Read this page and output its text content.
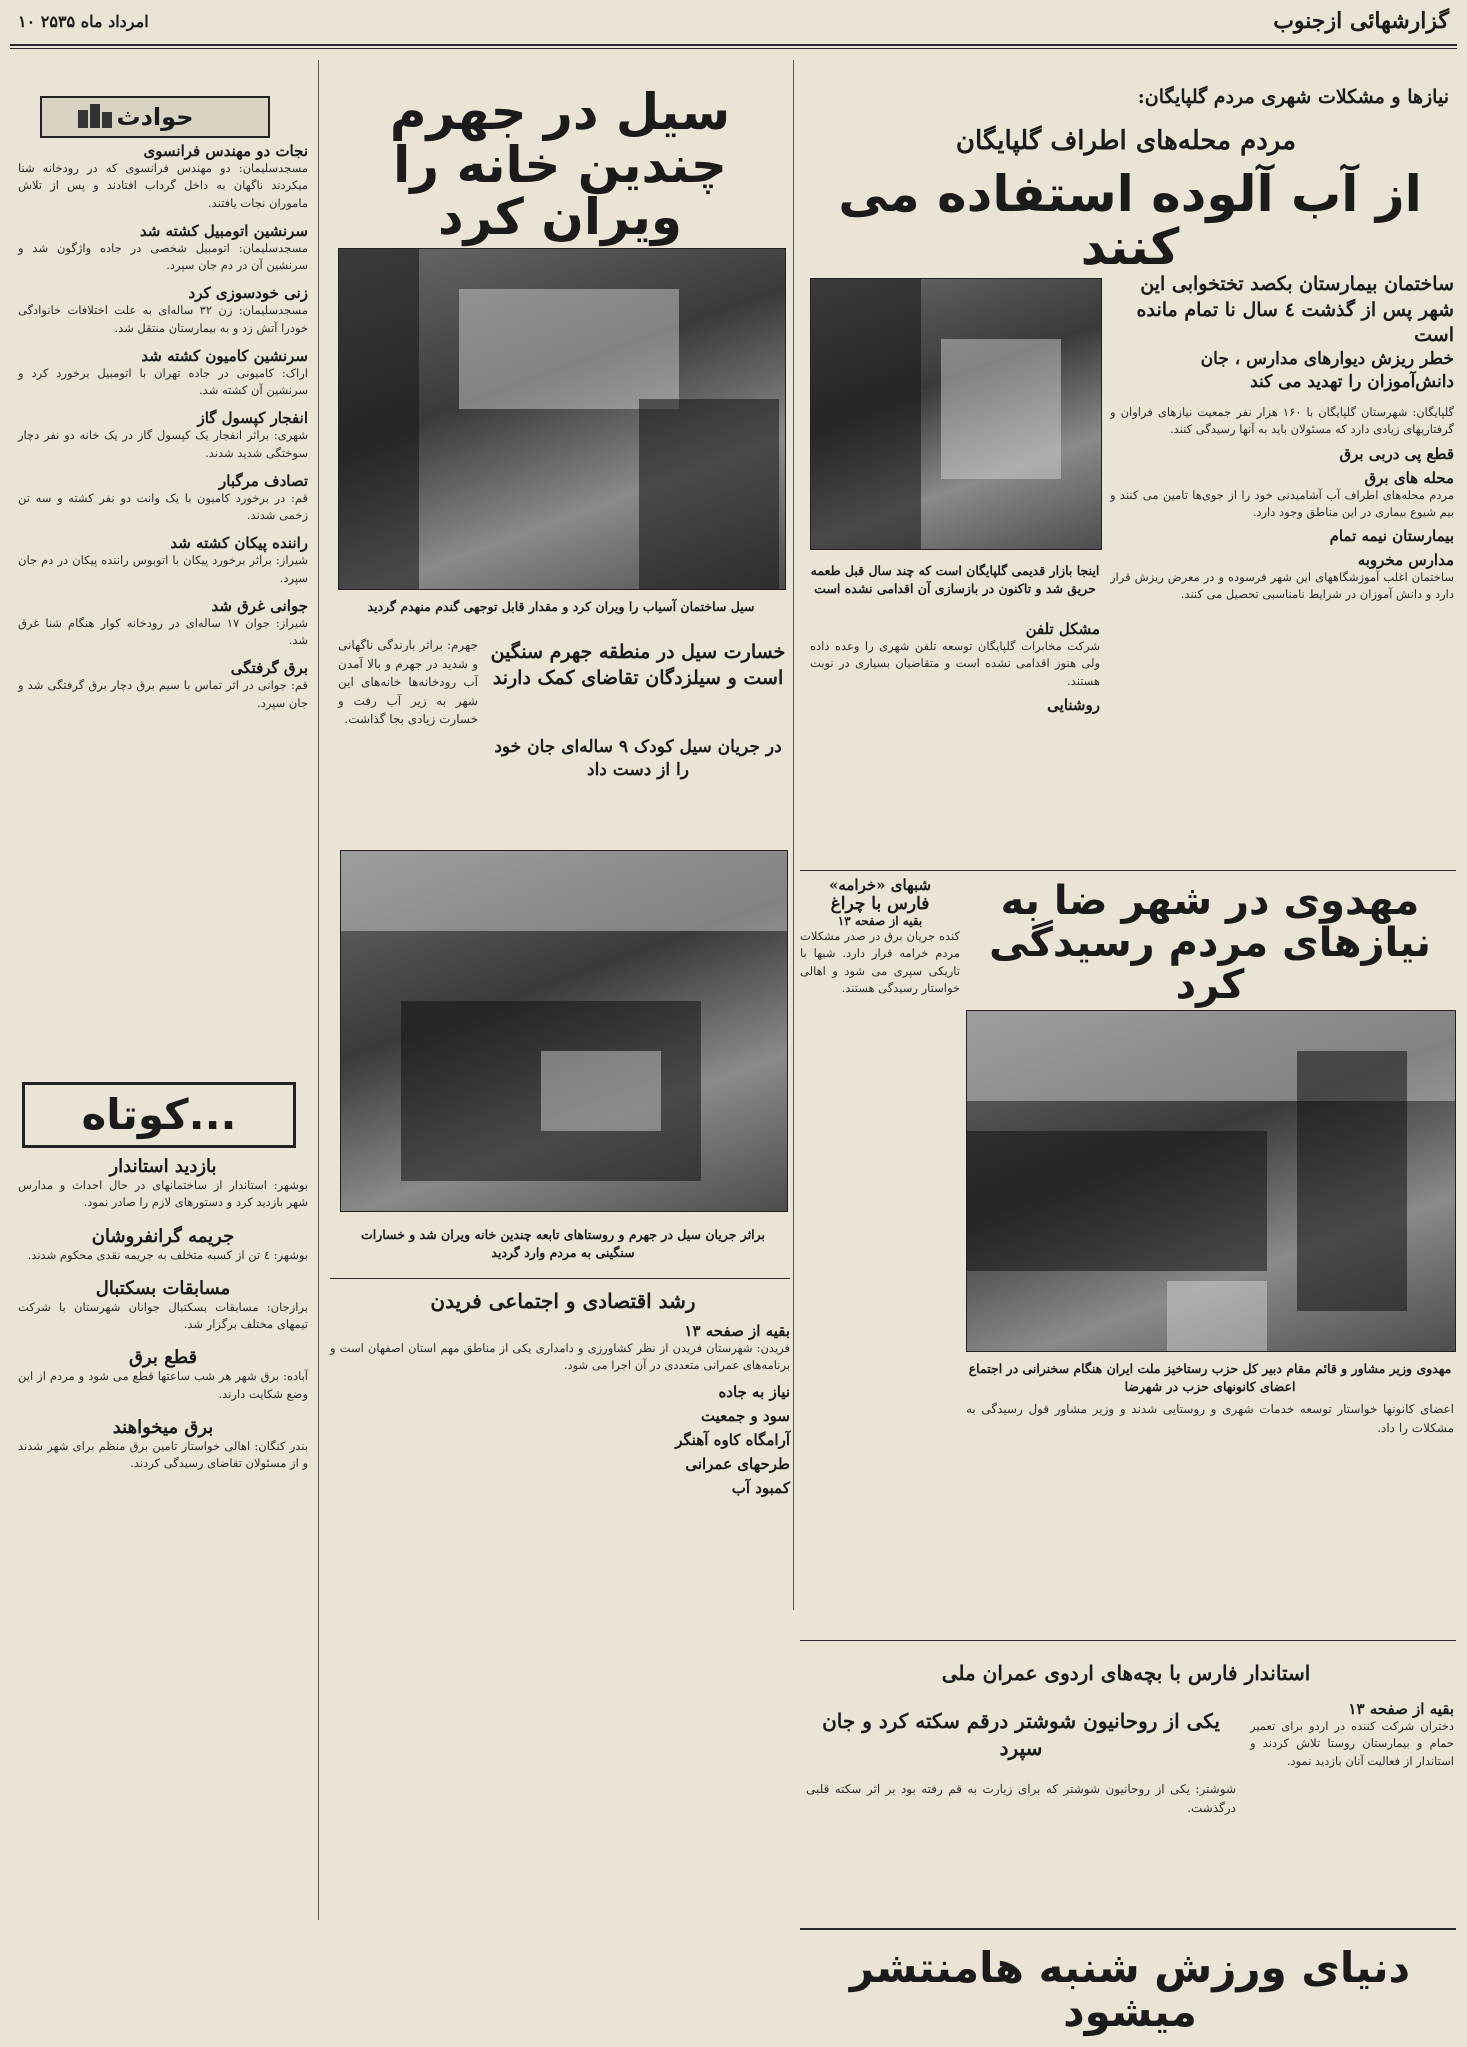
۱۰ امرداد ماه ۲۵۳۵	گزارشهائی ازجنوب
حوادث
نجات دو مهندس فرانسوی
مسجدسلیمان: دو مهندس فرانسوی که در رودخانه شنا میکردند ناگهان به داخل گرداب افتادند و پس از تلاش ماموران نجات یافتند.
سرنشین اتومبیل کشته شد
مسجدسلیمان: اتومبیل شخصی در جاده واژگون شد و سرنشین آن در دم جان سپرد.
زنی خودسوزی کرد
مسجدسلیمان: زن ۳۲ ساله‌ای به علت اختلافات خانوادگی خودرا آتش زد و به بیمارستان منتقل شد.
سرنشین کامیون کشته شد
اراک: کامیونی در جاده تهران با اتومبیل برخورد کرد و سرنشین آن کشته شد.
انفجار کپسول گاز
شهری: براثر انفجار یک کپسول گاز در یک خانه دو نفر دچار سوختگی شدید شدند.
تصادف مرگبار
قم: در برخورد کامیون با یک وانت دو نفر کشته و سه تن زخمی شدند.
راننده پیکان کشته شد
شیراز: براثر برخورد پیکان با اتوبوس راننده پیکان در دم جان سپرد.
جوانی غرق شد
شیراز: جوان ۱۷ ساله‌ای در رودخانه کوار هنگام شنا غرق شد.
برق گرفتگی
قم: جوانی در اثر تماس با سیم برق دچار برق گرفتگی شد و جان سپرد.
کوتاه...
بازدید استاندار
بوشهر: استاندار از ساختمانهای در حال احداث و مدارس شهر بازدید کرد و دستورهای لازم را صادر نمود.
جریمه گرانفروشان
بوشهر: ٤ تن از کسبه متخلف به جریمه نقدی محکوم شدند.
مسابقات بسکتبال
برازجان: مسابقات بسکتبال جوانان شهرستان با شرکت تیمهای مختلف برگزار شد.
قطع برق
آباده: برق شهر هر شب ساعتها قطع می شود و مردم از این وضع شکایت دارند.
برق میخواهند
بندر کنگان: اهالی خواستار تامین برق منظم برای شهر شدند و از مسئولان تقاضای رسیدگی کردند.
سیل در جهرم چندین خانه را ویران کرد
سیل ساختمان آسیاب را ویران کرد و مقدار قابل توجهی گندم منهدم گردید
خسارت سیل در منطقه جهرم سنگین است و سیلزدگان تقاضای کمک دارند
در جریان سیل کودک ۹ ساله‌ای جان خود را از دست داد
جهرم: براثر بارندگی ناگهانی و شدید در جهرم و بالا آمدن آب رودخانه‌ها خانه‌های این شهر به زیر آب رفت و خسارت زیادی بجا گذاشت.
براثر جریان سیل در جهرم و روستاهای تابعه چندین خانه ویران شد و خسارات سنگینی به مردم وارد گردید
رشد اقتصادی و اجتماعی فریدن
بقیه از صفحه ۱۳
فریدن: شهرستان فریدن از نظر کشاورزی و دامداری یکی از مناطق مهم استان اصفهان است و برنامه‌های عمرانی متعددی در آن اجرا می شود.
نیاز به جاده
سود و جمعیت
آرامگاه کاوه آهنگر
طرحهای عمرانی
کمبود آب
نیازها و مشکلات شهری مردم گلپایگان:
مردم محله‌های اطراف گلپایگان
از آب آلوده استفاده می کنند
ساختمان بیمارستان بکصد تختخوابی این شهر پس از گذشت ٤ سال نا تمام مانده است
خطر ریزش دیوارهای مدارس ، جان دانش‌آموزان را تهدید می کند
اینجا بازار قدیمی گلپایگان است که چند سال قبل طعمه حریق شد و تاکنون در بازسازی آن اقدامی نشده است
گلپایگان: شهرستان گلپایگان با ۱۶۰ هزار نفر جمعیت نیازهای فراوان و گرفتاریهای زیادی دارد که مسئولان باید به آنها رسیدگی کنند.
قطع پی دربی برق
محله های برق
مردم محله‌های اطراف آب آشامیدنی خود را از جوی‌ها تامین می کنند و بیم شیوع بیماری در این مناطق وجود دارد.
بیمارستان نیمه تمام
مدارس مخروبه
ساختمان اغلب آموزشگاههای این شهر فرسوده و در معرض ریزش قرار دارد و دانش آموزان در شرایط نامناسبی تحصیل می کنند.
مشکل تلفن
شرکت مخابرات گلپایگان توسعه تلفن شهری را وعده داده ولی هنوز اقدامی نشده است و متقاضیان بسیاری در نوبت هستند.
روشنایی
شبهای «خرامه»
فارس با چراغ
بقیه از صفحه ۱۳
کنده جریان برق در صدر مشکلات مردم خرامه قرار دارد. شبها با تاریکی سپری می شود و اهالی خواستار رسیدگی هستند.
مهدوی در شهر ضا به نیازهای مردم رسیدگی کرد
مهدوی وزیر مشاور و قائم مقام دبیر کل حزب رستاخیز ملت ایران هنگام سخنرانی در اجتماع اعضای کانونهای حزب در شهرضا
اعضای کانونها خواستار توسعه خدمات شهری و روستایی شدند و وزیر مشاور قول رسیدگی به مشکلات را داد.
استاندار فارس با بچه‌های اردوی عمران ملی
بقیه از صفحه ۱۳
دختران شرکت کننده در اردو برای تعمیر حمام و بیمارستان روستا تلاش کردند و استاندار از فعالیت آنان بازدید نمود.
یکی از روحانیون شوشتر درقم سکته کرد و جان سپرد
شوشتر: یکی از روحانیون شوشتر که برای زیارت به قم رفته بود بر اثر سکته قلبی درگذشت.
دنیای ورزش شنبه هامنتشر میشود
